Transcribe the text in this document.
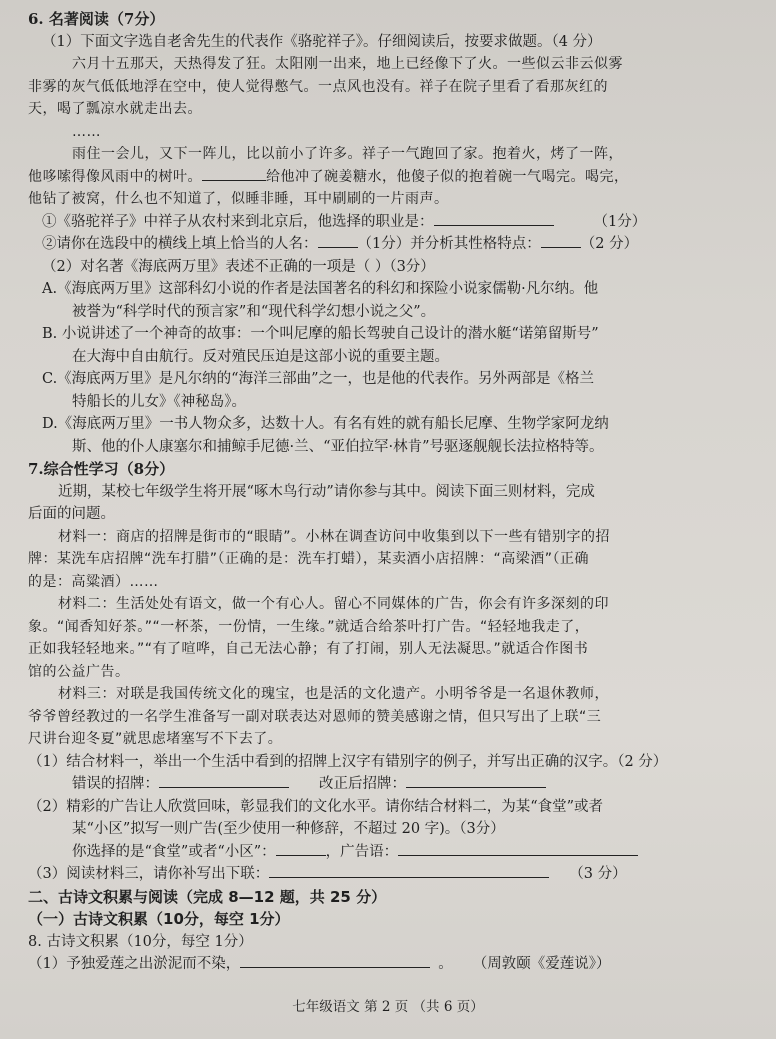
6. 名著阅读（7分）
（1）下面文字选自老舍先生的代表作《骆驼祥子》。仔细阅读后，按要求做题。（4 分）
六月十五那天，天热得发了狂。太阳刚一出来，地上已经像下了火。一些似云非云似雾
非雾的灰气低低地浮在空中，使人觉得憋气。一点风也没有。祥子在院子里看了看那灰红的
天，喝了瓢凉水就走出去。
……
雨住一会儿，又下一阵儿，比以前小了许多。祥子一气跑回了家。抱着火，烤了一阵，
他哆嗦得像风雨中的树叶。	给他冲了碗姜糖水，他傻子似的抱着碗一气喝完。喝完，
他钻了被窝，什么也不知道了，似睡非睡，耳中刷刷的一片雨声。
①《骆驼祥子》中祥子从农村来到北京后，他选择的职业是：	（1分）
②请你在选段中的横线上填上恰当的人名：	（1分）并分析其性格特点：	（2 分）
（2）对名著《海底两万里》表述不正确的一项是（ ）（3分）
A.《海底两万里》这部科幻小说的作者是法国著名的科幻和探险小说家儒勒·凡尔纳。他
被誉为“科学时代的预言家”和“现代科学幻想小说之父”。
B. 小说讲述了一个神奇的故事：一个叫尼摩的船长驾驶自己设计的潜水艇“诺第留斯号”
在大海中自由航行。反对殖民压迫是这部小说的重要主题。
C.《海底两万里》是凡尔纳的“海洋三部曲”之一，也是他的代表作。另外两部是《格兰
特船长的儿女》《神秘岛》。
D.《海底两万里》一书人物众多，达数十人。有名有姓的就有船长尼摩、生物学家阿龙纳
斯、他的仆人康塞尔和捕鲸手尼德·兰、“亚伯拉罕·林肯”号驱逐舰舰长法拉格特等。
7.综合性学习（8分）
近期，某校七年级学生将开展“啄木鸟行动”请你参与其中。阅读下面三则材料，完成
后面的问题。
材料一：商店的招牌是街市的“眼睛”。小林在调查访问中收集到以下一些有错别字的招
牌：某洗车店招牌“洗车打腊”（正确的是：洗车打蜡），某卖酒小店招牌：“高梁酒”（正确
的是：高粱酒）……
材料二：生活处处有语文，做一个有心人。留心不同媒体的广告，你会有许多深刻的印
象。“闻香知好茶。”“一杯茶，一份情，一生缘。”就适合给茶叶打广告。“轻轻地我走了，
正如我轻轻地来。”“有了喧哗，自己无法心静；有了打闹，别人无法凝思。”就适合作图书
馆的公益广告。
材料三：对联是我国传统文化的瑰宝，也是活的文化遗产。小明爷爷是一名退休教师，
爷爷曾经教过的一名学生准备写一副对联表达对恩师的赞美感谢之情，但只写出了上联“三
尺讲台迎冬夏”就思虑堵塞写不下去了。
（1）结合材料一，举出一个生活中看到的招牌上汉字有错别字的例子，并写出正确的汉字。（2 分）
错误的招牌：	改正后招牌：
（2）精彩的广告让人欣赏回味，彰显我们的文化水平。请你结合材料二，为某“食堂”或者
某“小区”拟写一则广告(至少使用一种修辞，不超过 20 字)。（3分）
你选择的是“食堂”或者“小区”：	，广告语：
（3）阅读材料三，请你补写出下联：	（3 分）
二、古诗文积累与阅读（完成 8—12 题，共 25 分）
（一）古诗文积累（10分，每空 1分）
8. 古诗文积累（10分，每空 1分）
（1）予独爱莲之出淤泥而不染，	。 （周敦颐《爱莲说》）
七年级语文 第 2 页 （共 6 页）
